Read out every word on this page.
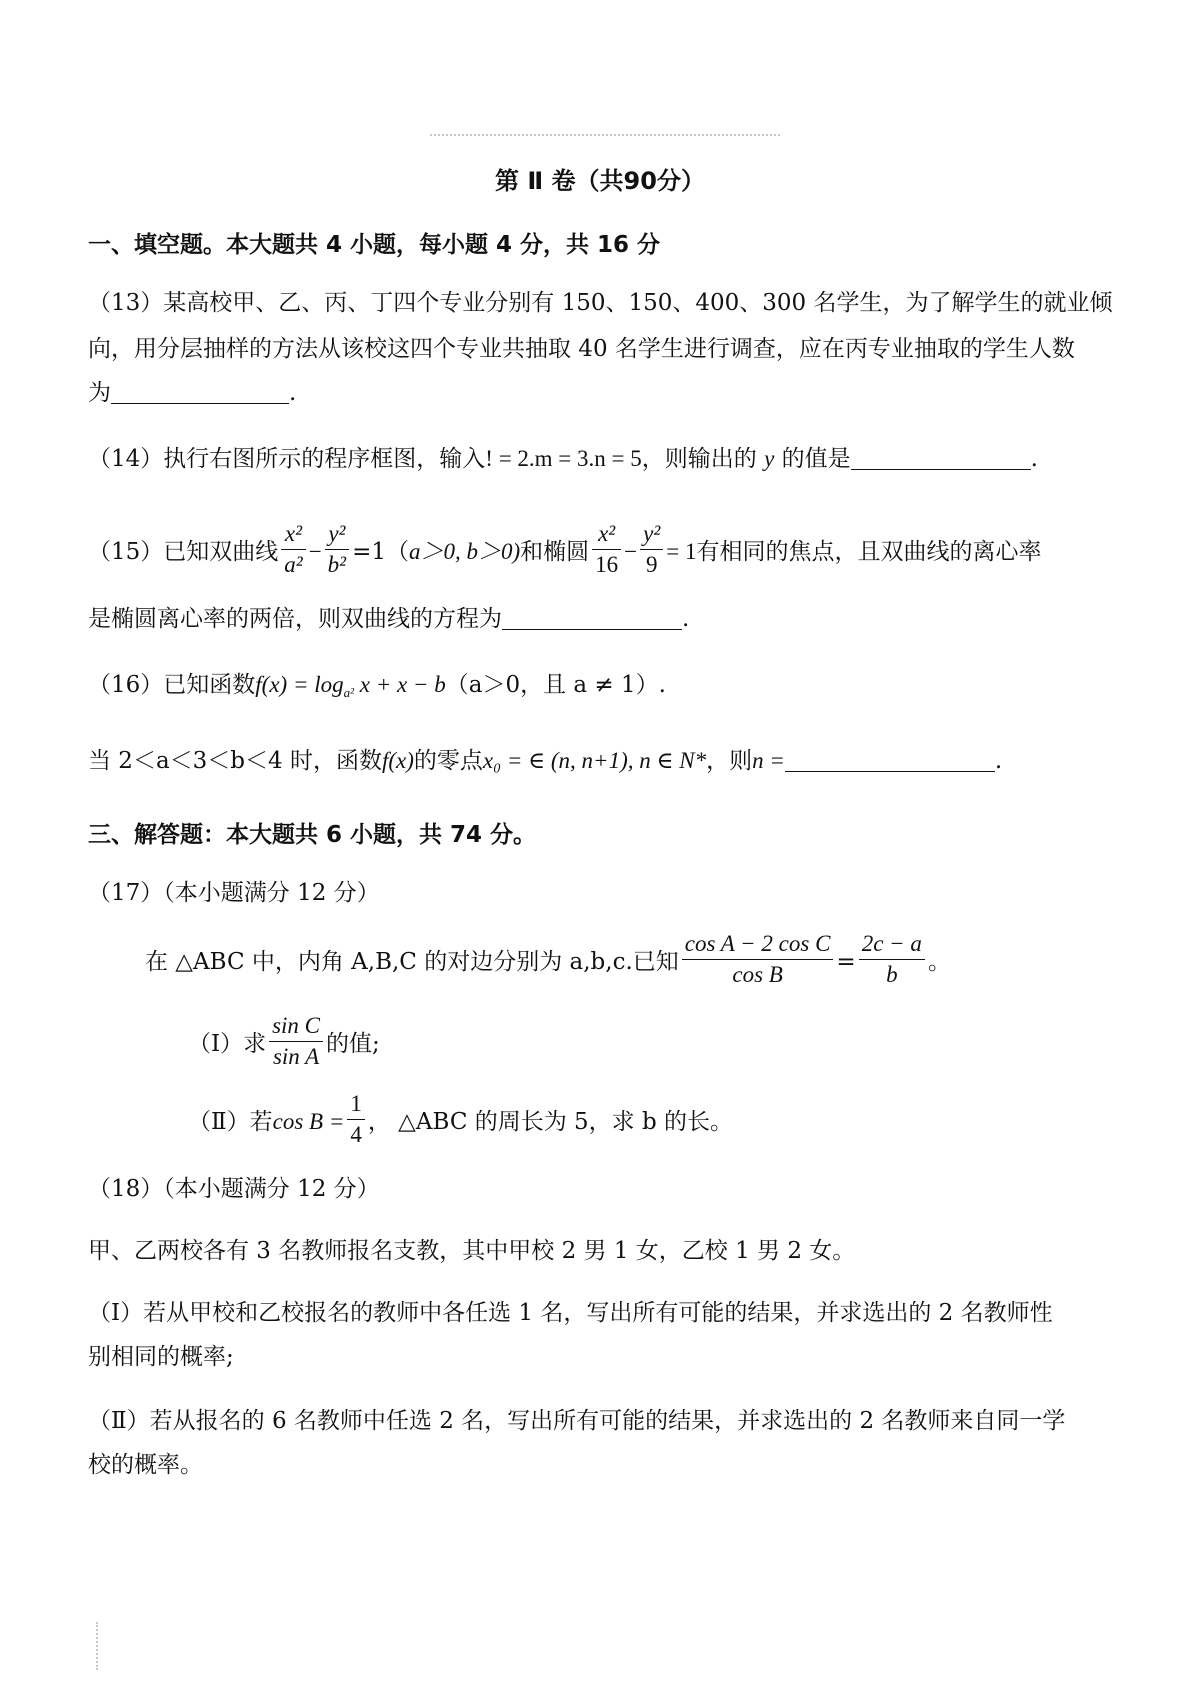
第 Ⅱ 卷（共90分）
一、填空题。本大题共 4 小题，每小题 4 分，共 16 分
（13）某高校甲、乙、丙、丁四个专业分别有 150、150、400、300 名学生，为了解学生的就业倾
向，用分层抽样的方法从该校这四个专业共抽取 40 名学生进行调查，应在丙专业抽取的学生人数
为	.
（14）执行右图所示的程序框图，输入! = 2.m = 3.n = 5，则输出的 y 的值是	.
（15）已知双曲线 $\frac{\text{x²}}{\text{a²}} - \frac{\text{y²}}{\text{b²}} =1(a>0$, b＞0)和椭圆 $\frac{\text{x²}}{16} - \frac{\text{y²}}{9} = 1$有相同的焦点，且双曲线的离心率
是椭圆离心率的两倍，则双曲线的方程为	.
（16）已知函数$f(x) = \log_{a^2} x + x - b(a>0$，且 a ≠ 1）.
当 2＜a＜3＜b＜4 时，函数f(x)的零点x₀ = ∈ (n, n+1), n ∈ N*，则n =	.
三、解答题：本大题共 6 小题，共 74 分。
（17）（本小题满分 12 分）
在 △ABC 中，内角 A,B,C 的对边分别为 a,b,c.已知 $\frac{\text{cos A − 2 cos C}}{\text{cos B}} = \frac{2c - a}{b}$ 。
（Ⅰ）求 $\frac{\text{sin C}}{\text{sin A}}$ 的值;
（Ⅱ）若$\cos B = \frac{1}{4}$ ， △ABC 的周长为 5，求 b 的长。
（18）（本小题满分 12 分）
甲、乙两校各有 3 名教师报名支教，其中甲校 2 男 1 女，乙校 1 男 2 女。
（Ⅰ）若从甲校和乙校报名的教师中各任选 1 名，写出所有可能的结果，并求选出的 2 名教师性
别相同的概率;
（Ⅱ）若从报名的 6 名教师中任选 2 名，写出所有可能的结果，并求选出的 2 名教师来自同一学
校的概率。
